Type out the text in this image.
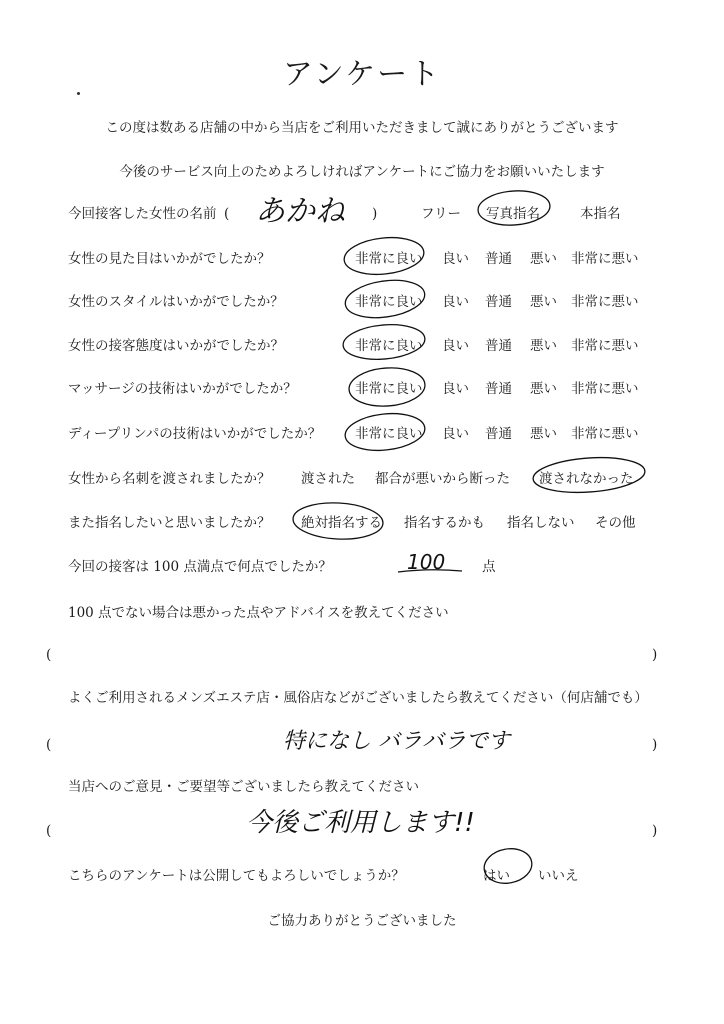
アンケート
この度は数ある店舗の中から当店をご利用いただきまして誠にありがとうございます
今後のサービス向上のためよろしければアンケートにご協力をお願いいたします
今回接客した女性の名前 ( あかね )	フリー 写真指名	本指名
女性の見た目はいかがでしたか？	非常に良い 良い 普通 悪い 非常に悪い
女性のスタイルはいかがでしたか？	非常に良い 良い 普通 悪い 非常に悪い
女性の接客態度はいかがでしたか？	非常に良い 良い 普通 悪い 非常に悪い
マッサージの技術はいかがでしたか？	非常に良い 良い 普通 悪い 非常に悪い
ディープリンパの技術はいかがでしたか？ 非常に良い 良い 普通 悪い 非常に悪い
女性から名刺を渡されましたか？ 渡された 都合が悪いから断った 渡されなかった
また指名したいと思いましたか？ 絶対指名する 指名するかも 指名しない その他
今回の接客は 100 点満点で何点でしたか？	100	点
100 点でない場合は悪かった点やアドバイスを教えてください
(	)
よくご利用されるメンズエステ店・風俗店などがございましたら教えてください（何店舗でも）
(	特になし バラバラです	)
当店へのご意見・ご要望等ございましたら教えてください
(	今後ご利用します!!	)
こちらのアンケートは公開してもよろしいでしょうか？	はい いいえ
ご協力ありがとうございました
